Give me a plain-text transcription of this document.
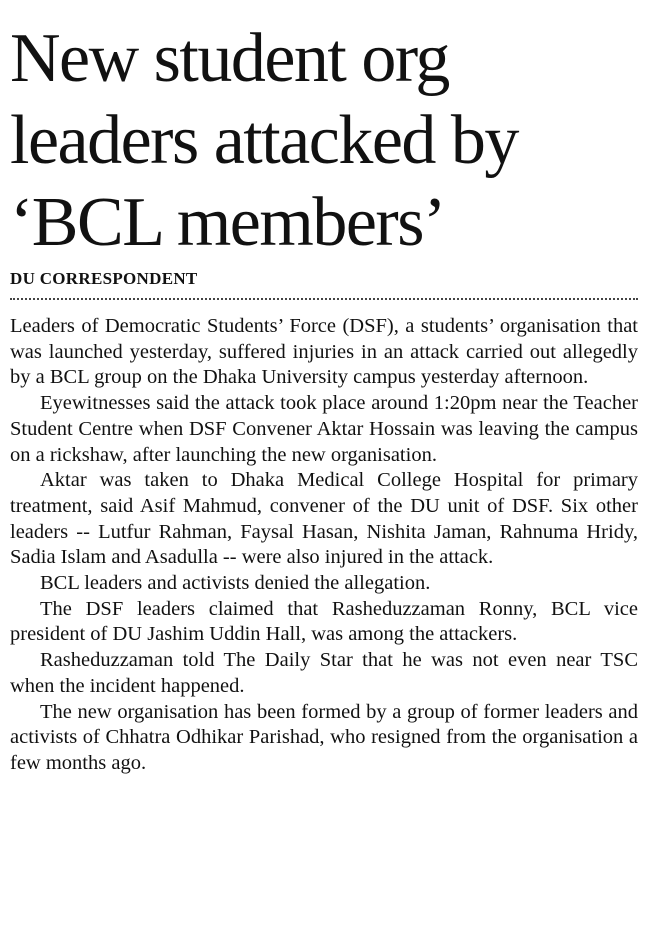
New student org
leaders attacked by
‘BCL members’
DU CORRESPONDENT

Leaders of Democratic Students’ Force (DSF), a students’ organisation that was launched yesterday, suffered injuries in an attack carried out allegedly by a BCL group on the Dhaka University campus yesterday afternoon.

Eyewitnesses said the attack took place around 1:20pm near the Teacher Student Centre when DSF Convener Aktar Hossain was leaving the campus on a rickshaw, after launching the new organisation.

Aktar was taken to Dhaka Medical College Hospital for primary treatment, said Asif Mahmud, convener of the DU unit of DSF. Six other leaders -- Lutfur Rahman, Faysal Hasan, Nishita Jaman, Rahnuma Hridy, Sadia Islam and Asadulla -- were also injured in the attack.

BCL leaders and activists denied the allegation.

The DSF leaders claimed that Rasheduzzaman Ronny, BCL vice president of DU Jashim Uddin Hall, was among the attackers.

Rasheduzzaman told The Daily Star that he was not even near TSC when the incident happened.

The new organisation has been formed by a group of former leaders and activists of Chhatra Odhikar Parishad, who resigned from the organisation a few months ago.
